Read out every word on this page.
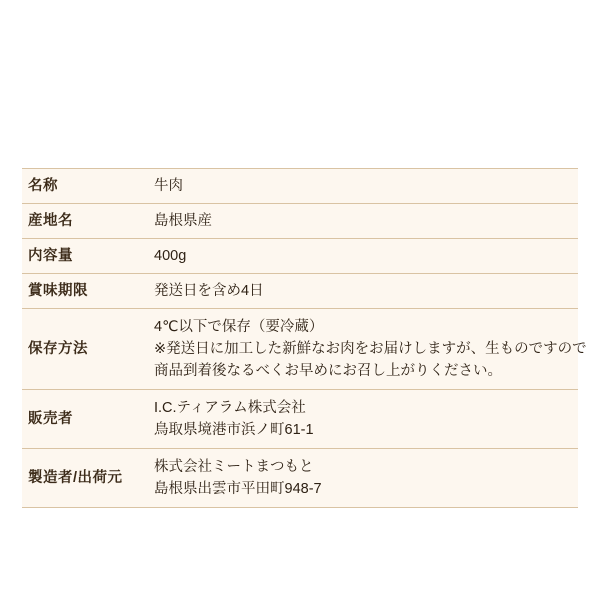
名称	牛肉

産地名	島根県産

内容量	400g

賞味期限	発送日を含め4日

保存方法	4℃以下で保存（要冷蔵）
※発送日に加工した新鮮なお肉をお届けしますが、生ものですので
商品到着後なるべくお早めにお召し上がりください。

販売者	I.C.ティアラム株式会社
鳥取県境港市浜ノ町61-1

製造者/出荷元	株式会社ミートまつもと
島根県出雲市平田町948-7
